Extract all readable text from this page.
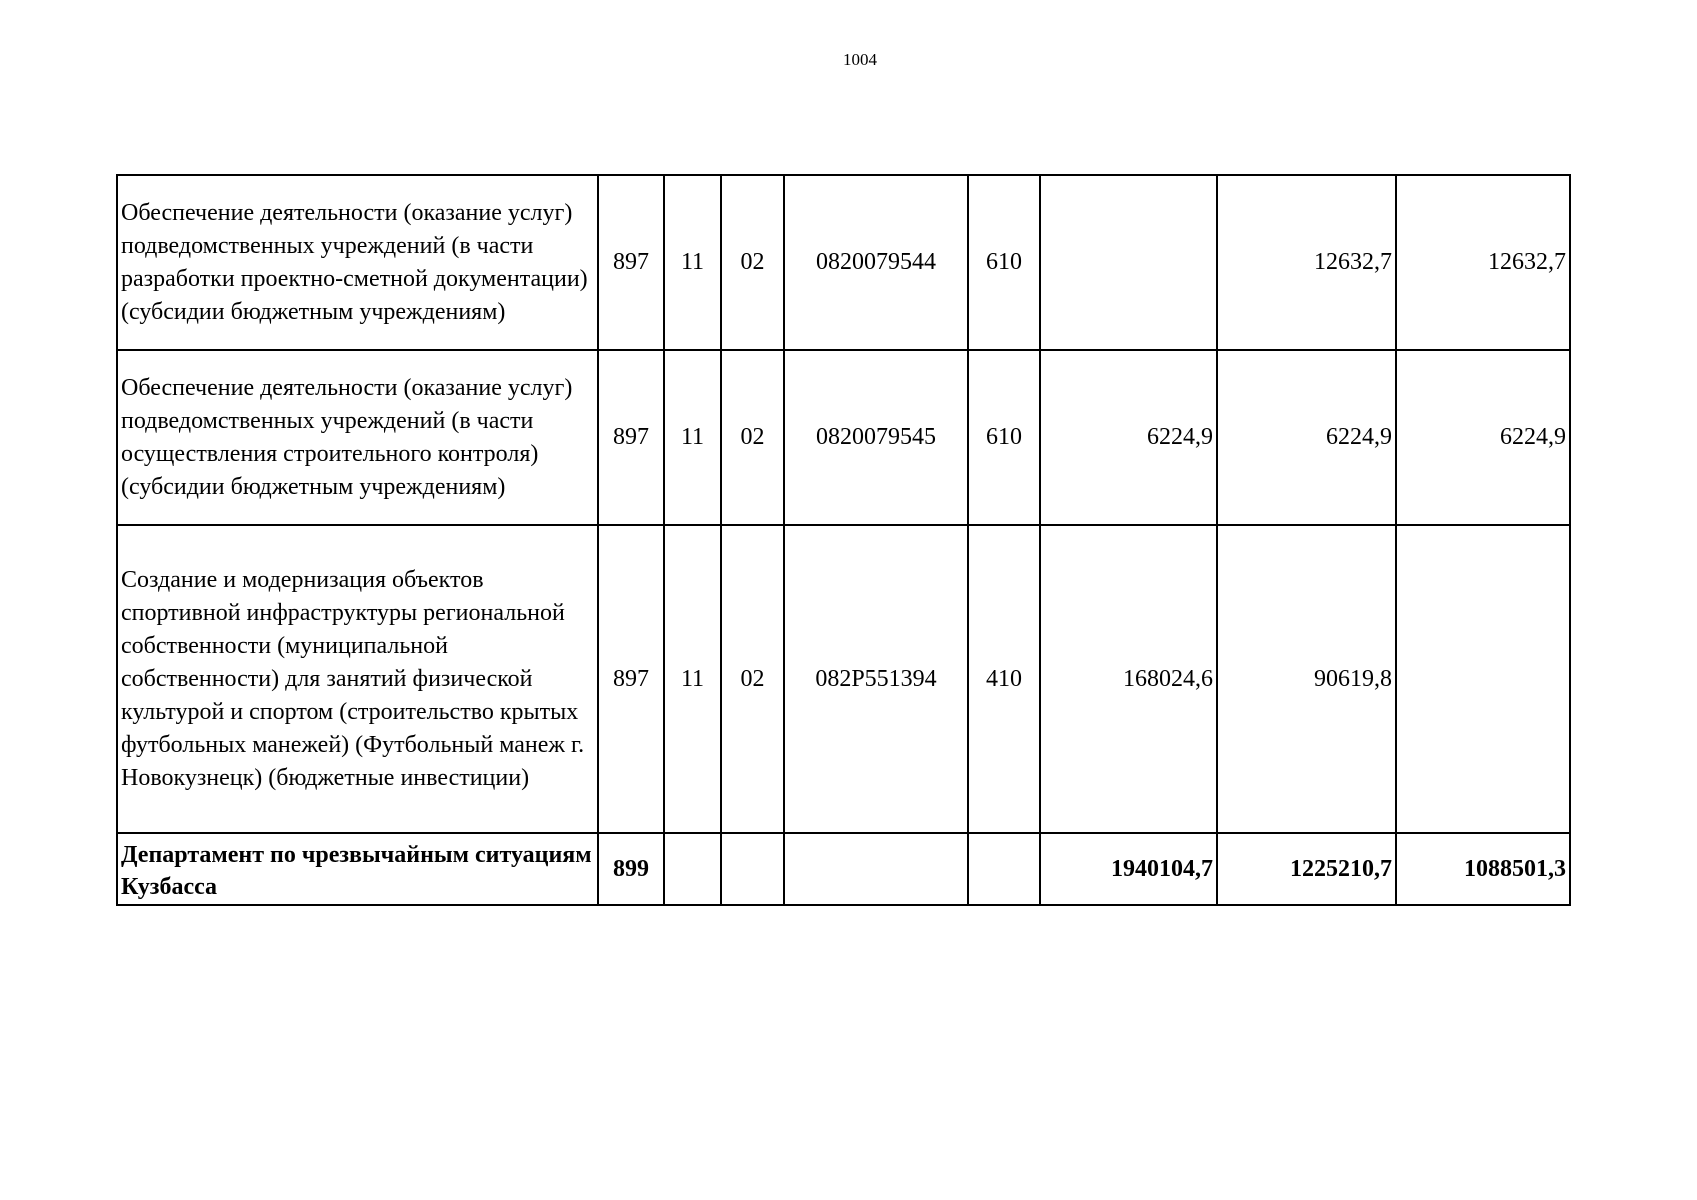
1004
Обеспечение деятельности (оказание услуг) подведомственных учреждений (в части разработки проектно-сметной документации) (субсидии бюджетным учреждениям)	897	11	02	0820079544	610		12632,7	12632,7
Обеспечение деятельности (оказание услуг) подведомственных учреждений (в части осуществления строительного контроля) (субсидии бюджетным учреждениям)	897	11	02	0820079545	610	6224,9	6224,9	6224,9
Создание и модернизация объектов спортивной инфраструктуры региональной собственности (муниципальной собственности) для занятий физической культурой и спортом (строительство крытых футбольных манежей) (Футбольный манеж г. Новокузнецк) (бюджетные инвестиции)	897	11	02	082Р551394	410	168024,6	90619,8	
Департамент по чрезвычайным ситуациям Кузбасса	899					1940104,7	1225210,7	1088501,3
